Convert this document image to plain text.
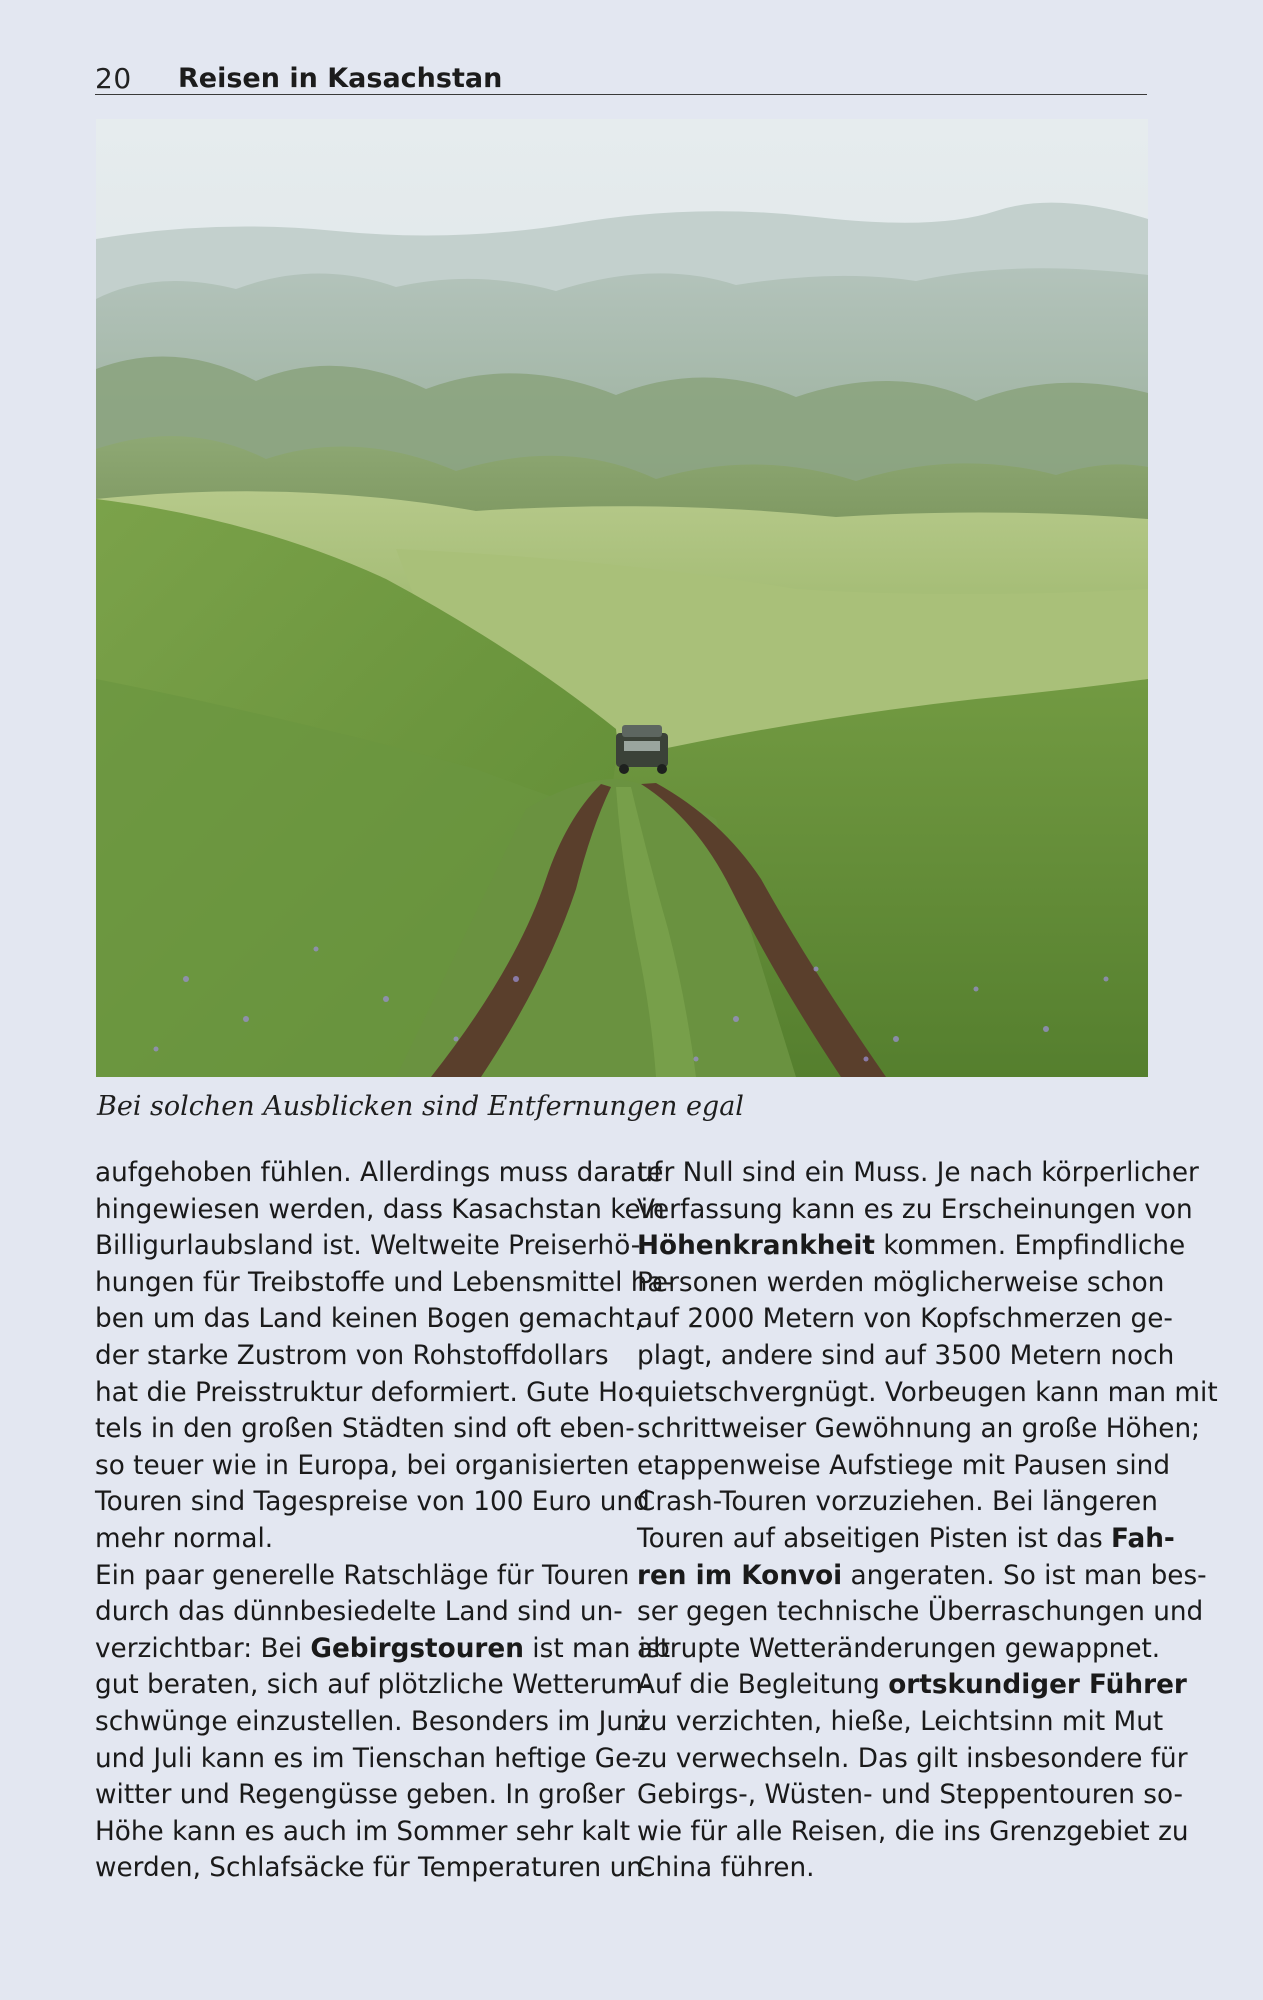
20 Reisen in Kasachstan
Bei solchen Ausblicken sind Entfernungen egal
aufgehoben fühlen. Allerdings muss darauf
hingewiesen werden, dass Kasachstan kein
Billigurlaubsland ist. Weltweite Preiserhö-
hungen für Treibstoffe und Lebensmittel ha-
ben um das Land keinen Bogen gemacht,
der starke Zustrom von Rohstoffdollars
hat die Preisstruktur deformiert. Gute Ho-
tels in den großen Städten sind oft eben-
so teuer wie in Europa, bei organisierten
Touren sind Tagespreise von 100 Euro und
mehr normal.
Ein paar generelle Ratschläge für Touren
durch das dünnbesiedelte Land sind un-
verzichtbar: Bei Gebirgstouren ist man ist
gut beraten, sich auf plötzliche Wetterum-
schwünge einzustellen. Besonders im Juni
und Juli kann es im Tienschan heftige Ge-
witter und Regengüsse geben. In großer
Höhe kann es auch im Sommer sehr kalt
werden, Schlafsäcke für Temperaturen un-
ter Null sind ein Muss. Je nach körperlicher
Verfassung kann es zu Erscheinungen von
Höhenkrankheit kommen. Empfindliche
Personen werden möglicherweise schon
auf 2000 Metern von Kopfschmerzen ge-
plagt, andere sind auf 3500 Metern noch
quietschvergnügt. Vorbeugen kann man mit
schrittweiser Gewöhnung an große Höhen;
etappenweise Aufstiege mit Pausen sind
Crash-Touren vorzuziehen. Bei längeren
Touren auf abseitigen Pisten ist das Fah-
ren im Konvoi angeraten. So ist man bes-
ser gegen technische Überraschungen und
abrupte Wetteränderungen gewappnet.
Auf die Begleitung ortskundiger Führer
zu verzichten, hieße, Leichtsinn mit Mut
zu verwechseln. Das gilt insbesondere für
Gebirgs-, Wüsten- und Steppentouren so-
wie für alle Reisen, die ins Grenzgebiet zu
China führen.
